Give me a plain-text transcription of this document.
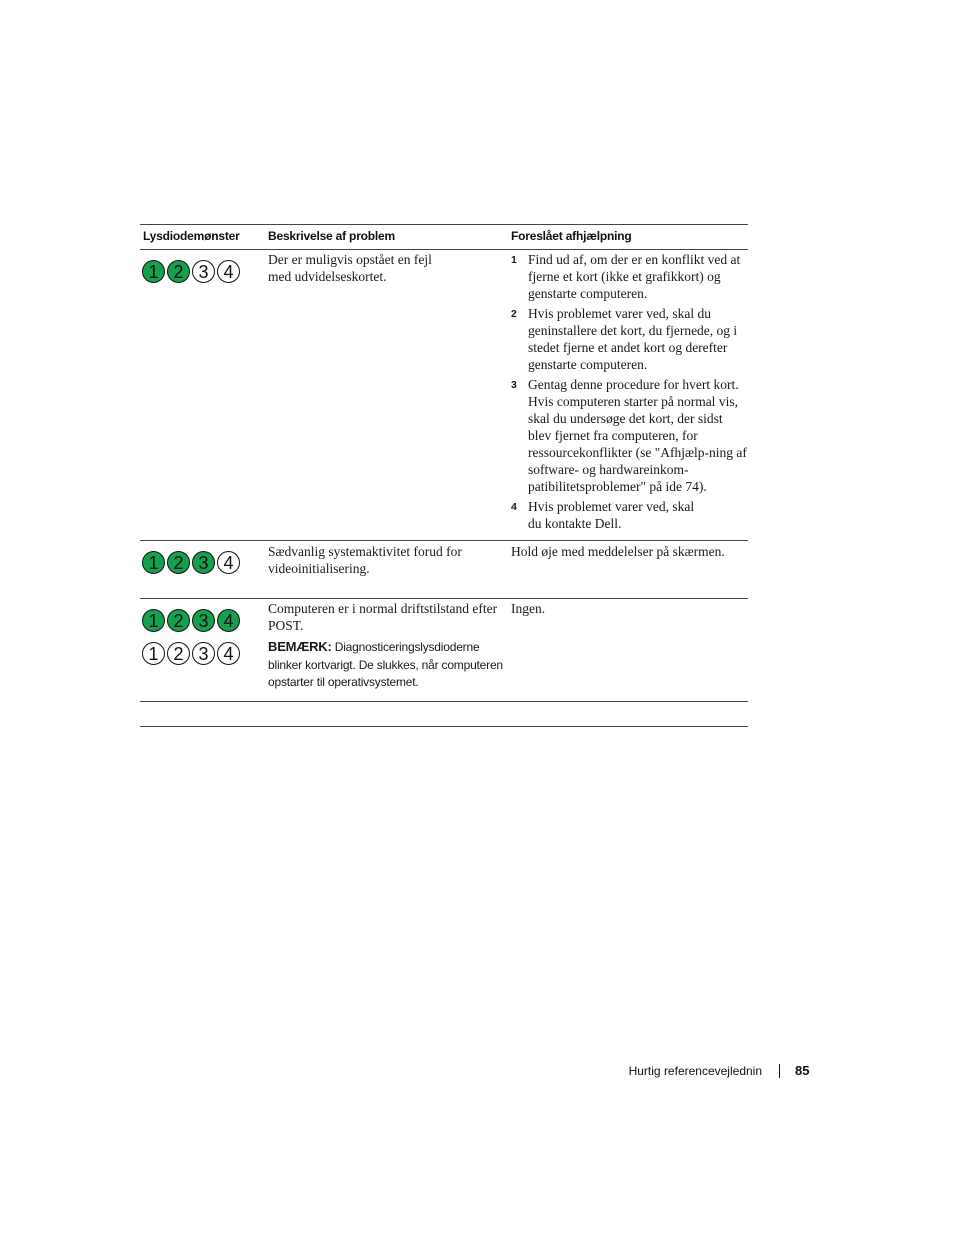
Lysdiodemønster Beskrivelse af problem	Foreslået afhjælpning
1 2 3 4
Der er muligvis opstået en fejl med udvidelseskortet.
1 Find ud af, om der er en konflikt ved at fjerne et kort (ikke et grafikkort) og genstarte computeren.
2 Hvis problemet varer ved, skal du geninstallere det kort, du fjernede, og i stedet fjerne et andet kort og derefter genstarte computeren.
3 Gentag denne procedure for hvert kort. Hvis computeren starter på normal vis, skal du undersøge det kort, der sidst blev fjernet fra computeren, for ressourcekonflikter (se "Afhjælp-ning af software- og hardwareinkom-patibilitetsproblemer" på ide 74).
4 Hvis problemet varer ved, skal du kontakte Dell.
1 2 3 4
Sædvanlig systemaktivitet forud for videoinitialisering.
Hold øje med meddelelser på skærmen.
1 2 3 4
1 2 3 4
Computeren er i normal driftstilstand efter POST.
BEMÆRK: Diagnosticeringslysdioderne blinker kortvarigt. De slukkes, når computeren opstarter til operativsystemet.
Ingen.
Hurtig referencevejlednin	85
